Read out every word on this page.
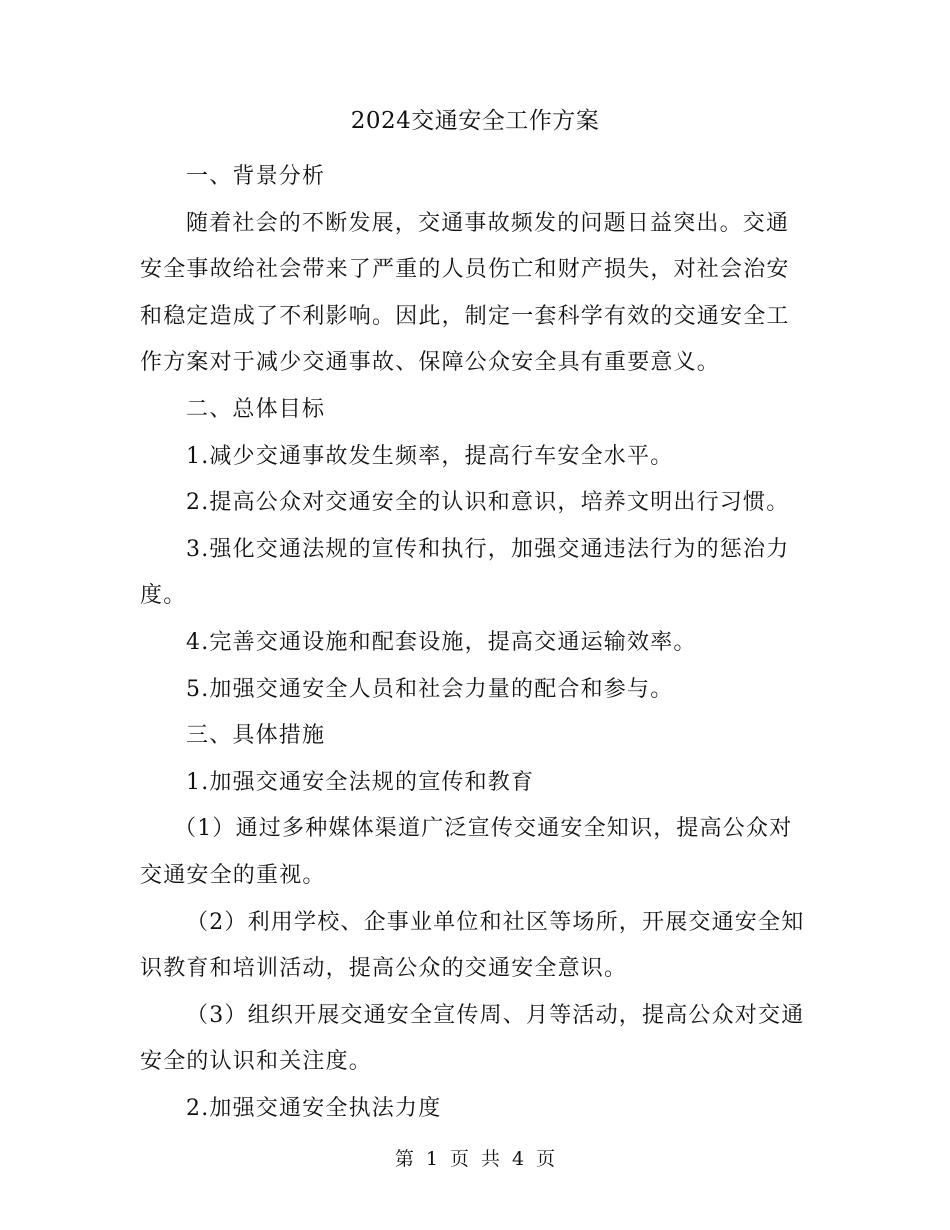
2024交通安全工作方案

一、背景分析

随着社会的不断发展，交通事故频发的问题日益突出。交通安全事故给社会带来了严重的人员伤亡和财产损失，对社会治安和稳定造成了不利影响。因此，制定一套科学有效的交通安全工作方案对于减少交通事故、保障公众安全具有重要意义。

二、总体目标

1.减少交通事故发生频率，提高行车安全水平。

2.提高公众对交通安全的认识和意识，培养文明出行习惯。

3.强化交通法规的宣传和执行，加强交通违法行为的惩治力度。

4.完善交通设施和配套设施，提高交通运输效率。

5.加强交通安全人员和社会力量的配合和参与。

三、具体措施

1.加强交通安全法规的宣传和教育

（1）通过多种媒体渠道广泛宣传交通安全知识，提高公众对交通安全的重视。

（2）利用学校、企事业单位和社区等场所，开展交通安全知识教育和培训活动，提高公众的交通安全意识。

（3）组织开展交通安全宣传周、月等活动，提高公众对交通安全的认识和关注度。

2.加强交通安全执法力度

第 1 页 共 4 页
